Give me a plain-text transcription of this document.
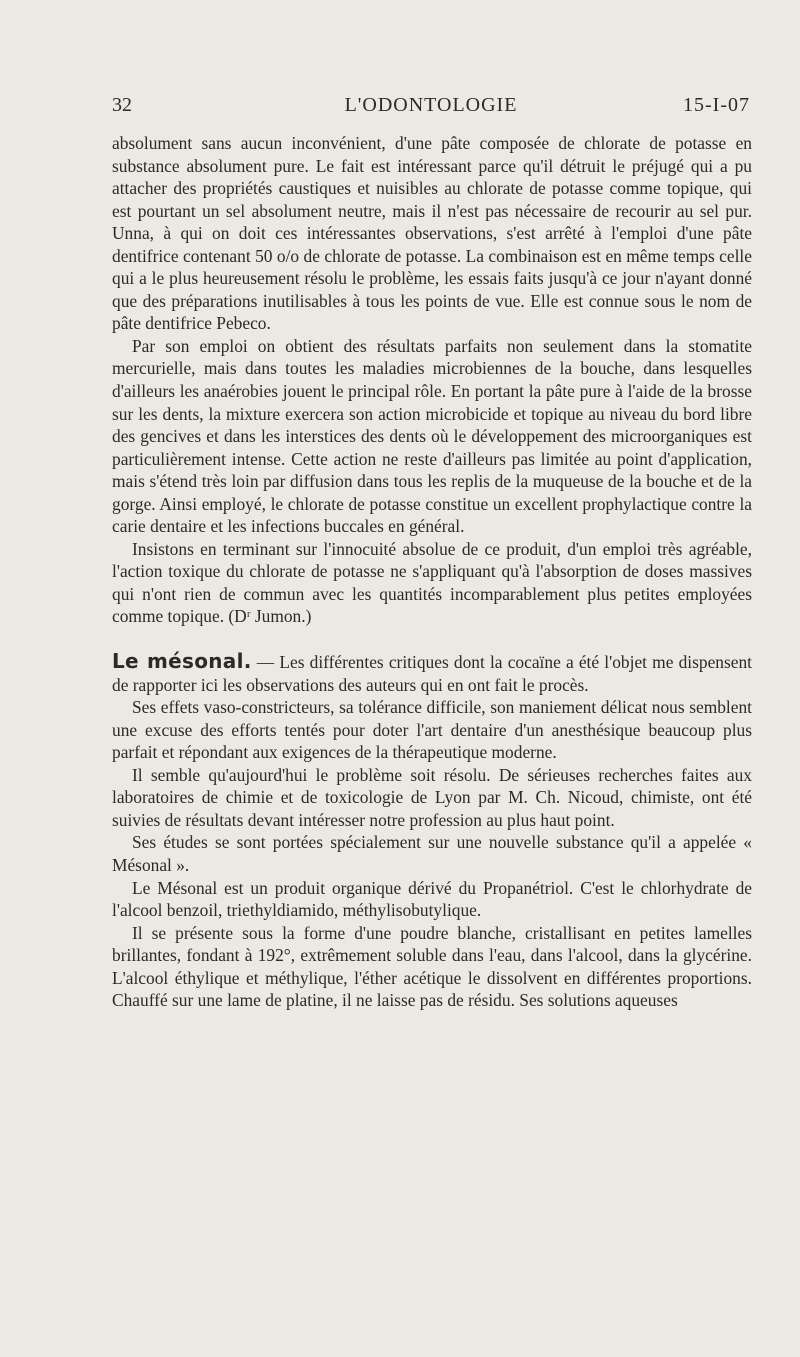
32	L'ODONTOLOGIE	15-I-07

absolument sans aucun inconvénient, d'une pâte composée de chlorate de potasse en substance absolument pure. Le fait est intéressant parce qu'il détruit le préjugé qui a pu attacher des propriétés caustiques et nuisibles au chlorate de potasse comme topique, qui est pourtant un sel absolument neutre, mais il n'est pas nécessaire de recourir au sel pur. Unna, à qui on doit ces intéressantes observations, s'est arrêté à l'emploi d'une pâte dentifrice contenant 50 o/o de chlorate de potasse. La combinaison est en même temps celle qui a le plus heureusement résolu le problème, les essais faits jusqu'à ce jour n'ayant donné que des préparations inutilisables à tous les points de vue. Elle est connue sous le nom de pâte dentifrice Pebeco.

Par son emploi on obtient des résultats parfaits non seulement dans la stomatite mercurielle, mais dans toutes les maladies microbiennes de la bouche, dans lesquelles d'ailleurs les anaérobies jouent le principal rôle. En portant la pâte pure à l'aide de la brosse sur les dents, la mixture exercera son action microbicide et topique au niveau du bord libre des gencives et dans les interstices des dents où le développement des microorganiques est particulièrement intense. Cette action ne reste d'ailleurs pas limitée au point d'application, mais s'étend très loin par diffusion dans tous les replis de la muqueuse de la bouche et de la gorge. Ainsi employé, le chlorate de potasse constitue un excellent prophylactique contre la carie dentaire et les infections buccales en général.

Insistons en terminant sur l'innocuité absolue de ce produit, d'un emploi très agréable, l'action toxique du chlorate de potasse ne s'appliquant qu'à l'absorption de doses massives qui n'ont rien de commun avec les quantités incomparablement plus petites employées comme topique. (Dʳ Jumon.)

Le mésonal. — Les différentes critiques dont la cocaïne a été l'objet me dispensent de rapporter ici les observations des auteurs qui en ont fait le procès.

Ses effets vaso-constricteurs, sa tolérance difficile, son maniement délicat nous semblent une excuse des efforts tentés pour doter l'art dentaire d'un anesthésique beaucoup plus parfait et répondant aux exigences de la thérapeutique moderne.

Il semble qu'aujourd'hui le problème soit résolu. De sérieuses recherches faites aux laboratoires de chimie et de toxicologie de Lyon par M. Ch. Nicoud, chimiste, ont été suivies de résultats devant intéresser notre profession au plus haut point.

Ses études se sont portées spécialement sur une nouvelle substance qu'il a appelée « Mésonal ».

Le Mésonal est un produit organique dérivé du Propanétriol. C'est le chlorhydrate de l'alcool benzoil, triethyldiamido, méthylisobutylique.

Il se présente sous la forme d'une poudre blanche, cristallisant en petites lamelles brillantes, fondant à 192°, extrêmement soluble dans l'eau, dans l'alcool, dans la glycérine. L'alcool éthylique et méthylique, l'éther acétique le dissolvent en différentes proportions. Chauffé sur une lame de platine, il ne laisse pas de résidu. Ses solutions aqueuses
